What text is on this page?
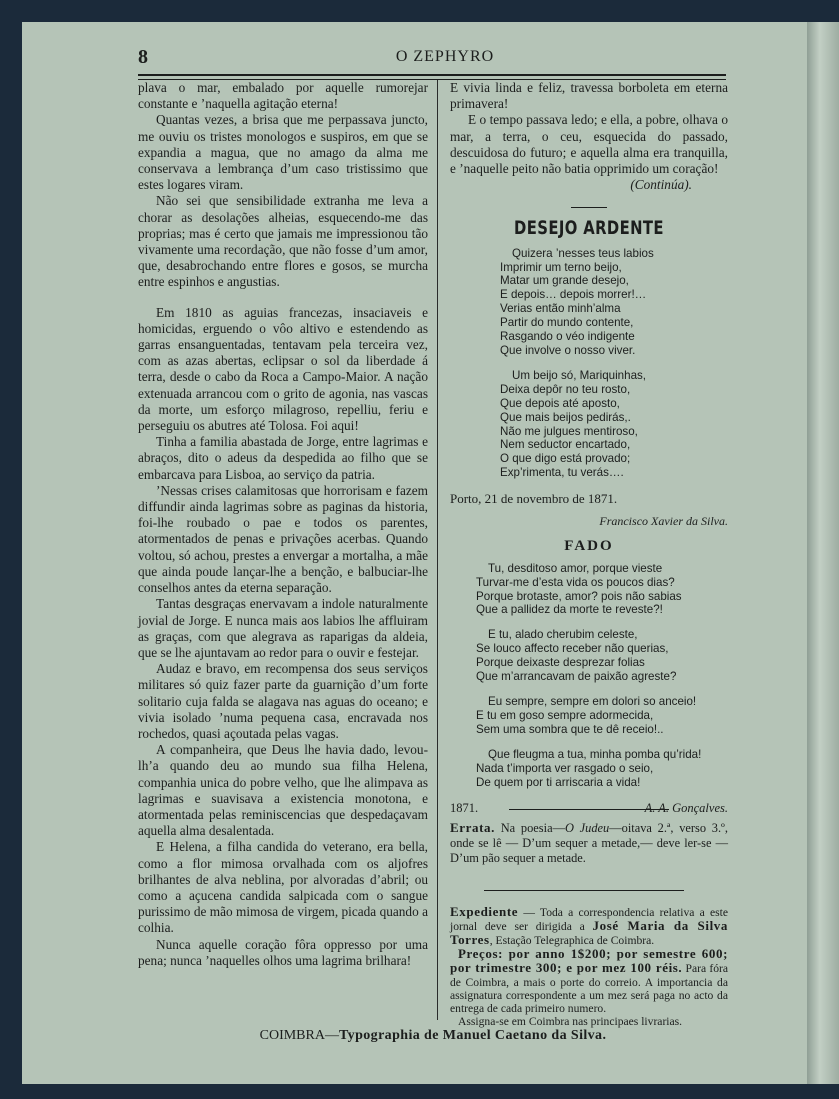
8	O ZEPHYRO

plava o mar, embalado por aquelle rumorejar constante e ’naquella agitação eterna!

Quantas vezes, a brisa que me perpassava juncto, me ouviu os tristes monologos e suspiros, em que se expandia a magua, que no amago da alma me conservava a lembrança d’um caso tristissimo que estes logares viram.

Não sei que sensibilidade extranha me leva a chorar as desolações alheias, esquecendo-me das proprias; mas é certo que jamais me impressionou tão vivamente uma recordação, que não fosse d’um amor, que, desabrochando entre flores e gosos, se murcha entre espinhos e angustias.

Em 1810 as aguias francezas, insaciaveis e homicidas, erguendo o vôo altivo e estendendo as garras ensanguentadas, tentavam pela terceira vez, com as azas abertas, eclipsar o sol da liberdade á terra, desde o cabo da Roca a Campo-Maior. A nação extenuada arrancou com o grito de agonia, nas vascas da morte, um esforço milagroso, repelliu, feriu e perseguiu os abutres até Tolosa. Foi aqui!

Tinha a familia abastada de Jorge, entre lagrimas e abraços, dito o adeus da despedida ao filho que se embarcava para Lisboa, ao serviço da patria.

’Nessas crises calamitosas que horrorisam e fazem diffundir ainda lagrimas sobre as paginas da historia, foi-lhe roubado o pae e todos os parentes, atormentados de penas e privações acerbas. Quando voltou, só achou, prestes a envergar a mortalha, a mãe que ainda poude lançar-lhe a benção, e balbuciar-lhe conselhos antes da eterna separação.

Tantas desgraças enervavam a indole naturalmente jovial de Jorge. E nunca mais aos labios lhe affluiram as graças, com que alegrava as raparigas da aldeia, que se lhe ajuntavam ao redor para o ouvir e festejar.

Audaz e bravo, em recompensa dos seus serviços militares só quiz fazer parte da guarnição d’um forte solitario cuja falda se alagava nas aguas do oceano; e vivia isolado ’numa pequena casa, encravada nos rochedos, quasi açoutada pelas vagas.

A companheira, que Deus lhe havia dado, levou-lh’a quando deu ao mundo sua filha Helena, companhia unica do pobre velho, que lhe alimpava as lagrimas e suavisava a existencia monotona, e atormentada pelas reminiscencias que despedaçavam aquella alma desalentada.

E Helena, a filha candida do veterano, era bella, como a flor mimosa orvalhada com os aljofres brilhantes de alva neblina, por alvoradas d’abril; ou como a açucena candida salpicada com o sangue purissimo de mão mimosa de virgem, picada quando a colhia.

Nunca aquelle coração fôra oppresso por uma pena; nunca ’naquelles olhos uma lagrima brilhara!

E vivia linda e feliz, travessa borboleta em eterna primavera!

E o tempo passava ledo; e ella, a pobre, olhava o mar, a terra, o ceu, esquecida do passado, descuidosa do futuro; e aquella alma era tranquilla, e ’naquelle peito não batia opprimido um coração!

(Continúa).

DESEJO ARDENTE
Quizera ’nesses teus labios
Imprimir um terno beijo,
Matar um grande desejo,
E depois… depois morrer!…
Verias então minh’alma
Partir do mundo contente,
Rasgando o véo indigente
Que involve o nosso viver.
Um beijo só, Mariquinhas,
Deixa depôr no teu rosto,
Que depois até aposto,
Que mais beijos pedirás,.
Não me julgues mentiroso,
Nem seductor encartado,
O que digo está provado;
Exp’rimenta, tu verás….
Porto, 21 de novembro de 1871.
Francisco Xavier da Silva.
FADO
Tu, desditoso amor, porque vieste
Turvar-me d’esta vida os poucos dias?
Porque brotaste, amor? pois não sabias
Que a pallidez da morte te reveste?!
E tu, alado cherubim celeste,
Se louco affecto receber não querias,
Porque deixaste desprezar folias
Que m’arrancavam de paixão agreste?
Eu sempre, sempre em dolori so anceio!
E tu em goso sempre adormecida,
Sem uma sombra que te dê receio!..
Que fleugma a tua, minha pomba qu’rida!
Nada t’importa ver rasgado o seio,
De quem por ti arriscaria a vida!
1871.	A. A. Gonçalves.
Errata. Na poesia—O Judeu—oitava 2.ª, verso 3.º, onde se lê — D’um sequer a metade,— deve ler-se — D’um pão sequer a metade.
Expediente — Toda a correspondencia relativa a este jornal deve ser dirigida a José Maria da Silva Torres, Estação Telegraphica de Coimbra.
Preços: por anno 1$200; por semestre 600; por trimestre 300; e por mez 100 réis. Para fóra de Coimbra, a mais o porte do correio. A importancia da assignatura correspondente a um mez será paga no acto da entrega de cada primeiro numero.
Assigna-se em Coimbra nas principaes livrarias.
COIMBRA—Typographia de Manuel Caetano da Silva.
